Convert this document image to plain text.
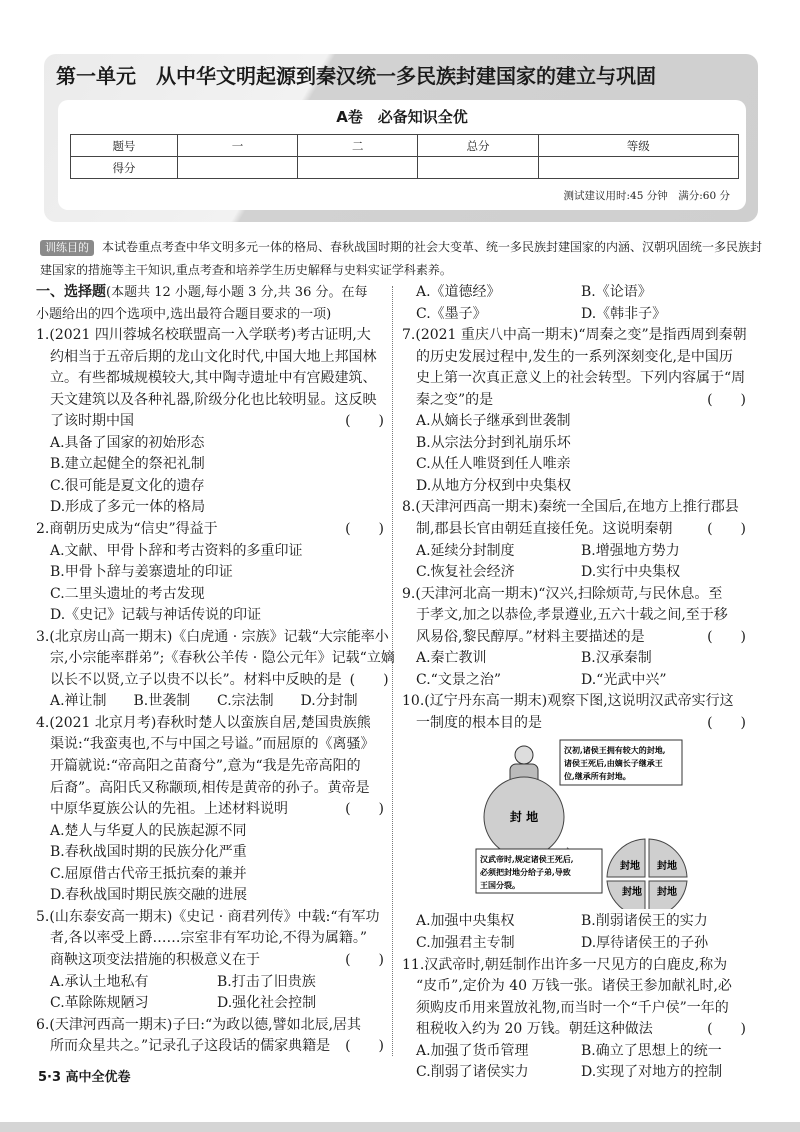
第一单元　从中华文明起源到秦汉统一多民族封建国家的建立与巩固
A卷　必备知识全优
题号	一	二	总分	等级
得分				
测试建议用时:45 分钟　满分:60 分
训练目的 本试卷重点考查中华文明多元一体的格局、春秋战国时期的社会大变革、统一多民族封建国家的内涵、汉朝巩固统一多民族封建国家的措施等主干知识,重点考查和培养学生历史解释与史料实证学科素养。
一、选择题(本题共 12 小题,每小题 3 分,共 36 分。在每
小题给出的四个选项中,选出最符合题目要求的一项)
1.(2021 四川蓉城名校联盟高一入学联考)考古证明,大
约相当于五帝后期的龙山文化时代,中国大地上邦国林
立。有些都城规模较大,其中陶寺遗址中有宫殿建筑、
天文建筑以及各种礼器,阶级分化也比较明显。这反映
了该时期中国	(　　)
A.具备了国家的初始形态
B.建立起健全的祭祀礼制
C.很可能是夏文化的遗存
D.形成了多元一体的格局
2.商朝历史成为“信史”得益于	(　　)
A.文献、甲骨卜辞和考古资料的多重印证
B.甲骨卜辞与姜寨遗址的印证
C.二里头遗址的考古发现
D.《史记》记载与神话传说的印证
3.(北京房山高一期末)《白虎通 · 宗族》记载“大宗能率小
宗,小宗能率群弟”;《春秋公羊传 · 隐公元年》记载“立嫡
以长不以贤,立子以贵不以长”。材料中反映的是 (　　)
A.禅让制 B.世袭制 C.宗法制 D.分封制
4.(2021 北京月考)春秋时楚人以蛮族自居,楚国贵族熊
渠说:“我蛮夷也,不与中国之号谥。”而屈原的《离骚》
开篇就说:“帝高阳之苗裔兮”,意为“我是先帝高阳的
后裔”。高阳氏又称颛顼,相传是黄帝的孙子。黄帝是
中原华夏族公认的先祖。上述材料说明	(　　)
A.楚人与华夏人的民族起源不同
B.春秋战国时期的民族分化严重
C.屈原借古代帝王抵抗秦的兼并
D.春秋战国时期民族交融的进展
5.(山东泰安高一期末)《史记 · 商君列传》中载:“有军功
者,各以率受上爵……宗室非有军功论,不得为属籍。”
商鞅这项变法措施的积极意义在于	(　　)
A.承认土地私有	B.打击了旧贵族
C.革除陈规陋习	D.强化社会控制
6.(天津河西高一期末)子曰:“为政以德,譬如北辰,居其
所而众星共之。”记录孔子这段话的儒家典籍是	(　　)
A.《道德经》	B.《论语》
C.《墨子》	D.《韩非子》
7.(2021 重庆八中高一期末)“周秦之变”是指西周到秦朝
的历史发展过程中,发生的一系列深刻变化,是中国历
史上第一次真正意义上的社会转型。下列内容属于“周
秦之变”的是	(　　)
A.从嫡长子继承到世袭制
B.从宗法分封到礼崩乐坏
C.从任人唯贤到任人唯亲
D.从地方分权到中央集权
8.(天津河西高一期末)秦统一全国后,在地方上推行郡县
制,郡县长官由朝廷直接任免。这说明秦朝	(　　)
A.延续分封制度	B.增强地方势力
C.恢复社会经济	D.实行中央集权
9.(天津河北高一期末)“汉兴,扫除烦苛,与民休息。至
于孝文,加之以恭俭,孝景遵业,五六十载之间,至于移
风易俗,黎民醇厚。”材料主要描述的是	(　　)
A.秦亡教训	B.汉承秦制
C.“文景之治”	D.“光武中兴”
10.(辽宁丹东高一期末)观察下图,这说明汉武帝实行这
一制度的根本目的是	(　　)
封 地
封地 封地
封地 封地
汉初,诸侯王拥有较大的封地,
诸侯王死后,由嫡长子继承王
位,继承所有封地。
汉武帝时,规定诸侯王死后,
必须把封地分给子弟,导致
王国分裂。
A.加强中央集权	B.削弱诸侯王的实力
C.加强君主专制	D.厚待诸侯王的子孙
11.汉武帝时,朝廷制作出许多一尺见方的白鹿皮,称为
“皮币”,定价为 40 万钱一张。诸侯王参加献礼时,必
须购皮币用来置放礼物,而当时一个“千户侯”一年的
租税收入约为 20 万钱。朝廷这种做法	(　　)
A.加强了货币管理	B.确立了思想上的统一
C.削弱了诸侯实力	D.实现了对地方的控制
5·3 高中全优卷
